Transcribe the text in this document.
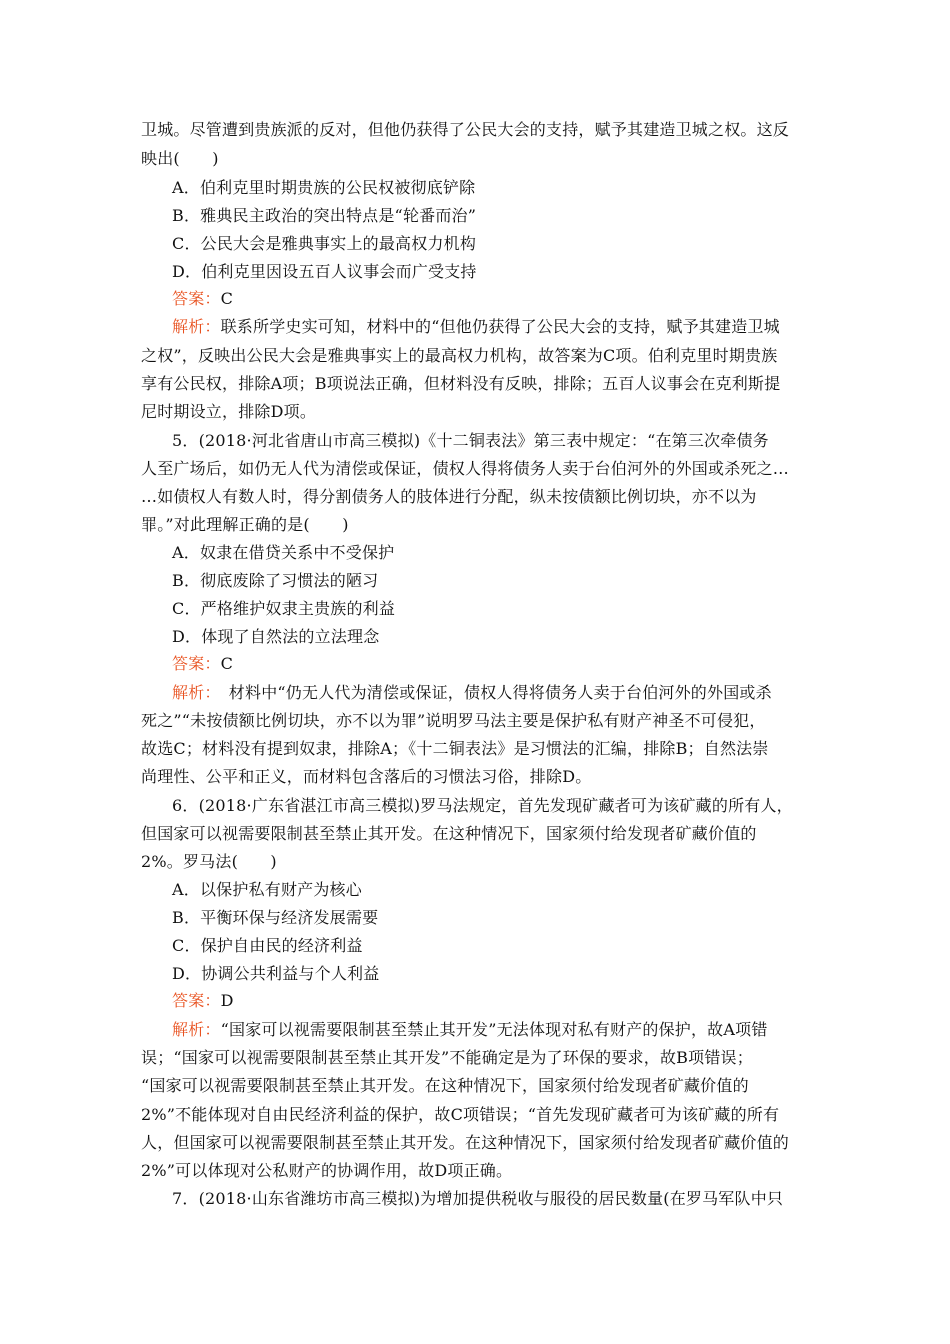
卫城。尽管遭到贵族派的反对，但他仍获得了公民大会的支持，赋予其建造卫城之权。这反
映出(　　)
A．伯利克里时期贵族的公民权被彻底铲除
B．雅典民主政治的突出特点是“轮番而治”
C．公民大会是雅典事实上的最高权力机构
D．伯利克里因设五百人议事会而广受支持
答案：C
解析：联系所学史实可知，材料中的“但他仍获得了公民大会的支持，赋予其建造卫城
之权”，反映出公民大会是雅典事实上的最高权力机构，故答案为C项。伯利克里时期贵族
享有公民权，排除A项；B项说法正确，但材料没有反映，排除；五百人议事会在克利斯提
尼时期设立，排除D项。
5．(2018·河北省唐山市高三模拟)《十二铜表法》第三表中规定：“在第三次牵债务
人至广场后，如仍无人代为清偿或保证，债权人得将债务人卖于台伯河外的外国或杀死之…
…如债权人有数人时，得分割债务人的肢体进行分配，纵未按债额比例切块，亦不以为
罪。”对此理解正确的是(　　)
A．奴隶在借贷关系中不受保护
B．彻底废除了习惯法的陋习
C．严格维护奴隶主贵族的利益
D．体现了自然法的立法理念
答案：C
解析：　材料中“仍无人代为清偿或保证，债权人得将债务人卖于台伯河外的外国或杀
死之”“未按债额比例切块，亦不以为罪”说明罗马法主要是保护私有财产神圣不可侵犯，
故选C；材料没有提到奴隶，排除A；《十二铜表法》是习惯法的汇编，排除B；自然法崇
尚理性、公平和正义，而材料包含落后的习惯法习俗，排除D。
6．(2018·广东省湛江市高三模拟)罗马法规定，首先发现矿藏者可为该矿藏的所有人，
但国家可以视需要限制甚至禁止其开发。在这种情况下，国家须付给发现者矿藏价值的
2%。罗马法(　　)
A．以保护私有财产为核心
B．平衡环保与经济发展需要
C．保护自由民的经济利益
D．协调公共利益与个人利益
答案：D
解析：“国家可以视需要限制甚至禁止其开发”无法体现对私有财产的保护，故A项错
误；“国家可以视需要限制甚至禁止其开发”不能确定是为了环保的要求，故B项错误；
“国家可以视需要限制甚至禁止其开发。在这种情况下，国家须付给发现者矿藏价值的
2%”不能体现对自由民经济利益的保护，故C项错误；“首先发现矿藏者可为该矿藏的所有
人，但国家可以视需要限制甚至禁止其开发。在这种情况下，国家须付给发现者矿藏价值的
2%”可以体现对公私财产的协调作用，故D项正确。
7．(2018·山东省潍坊市高三模拟)为增加提供税收与服役的居民数量(在罗马军队中只
